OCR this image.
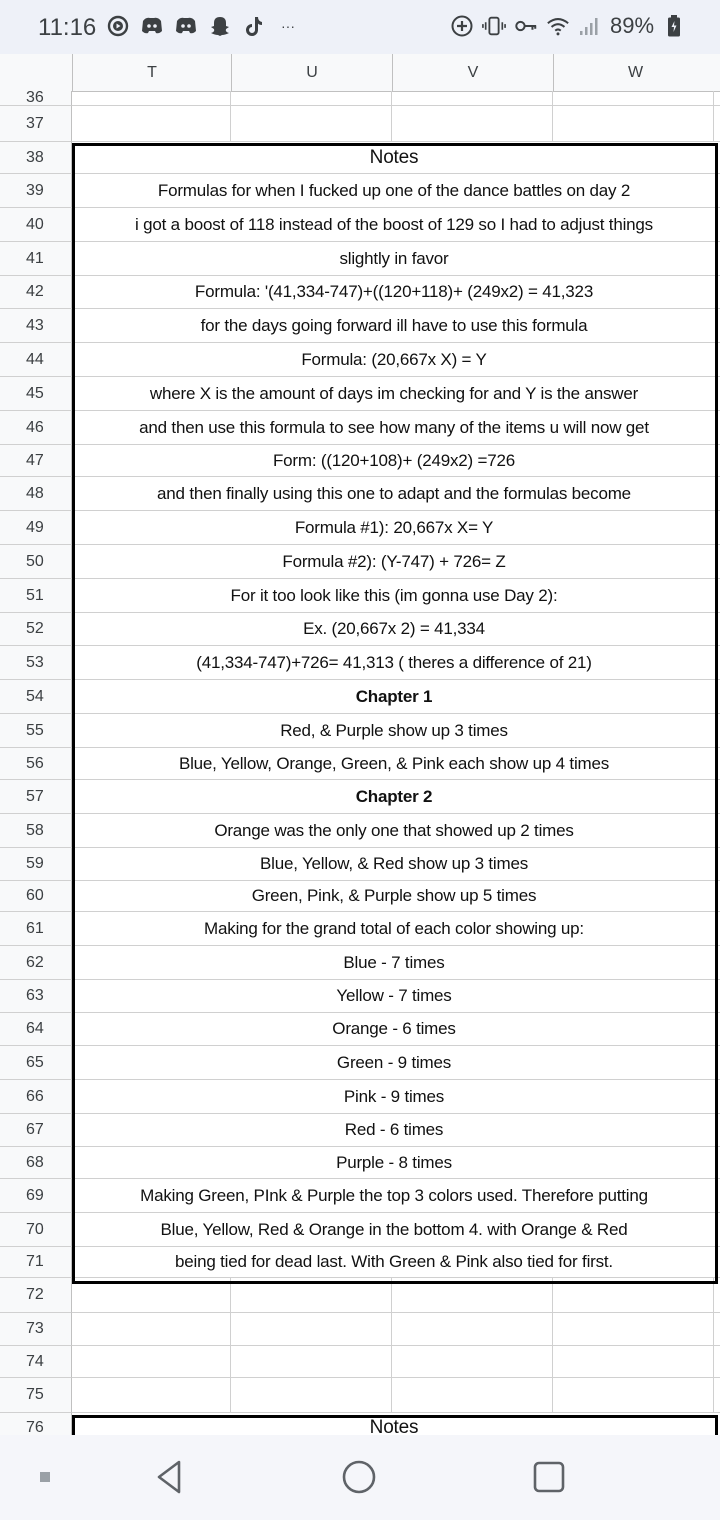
11:16	···	89%
T	U	V	W
36
37
38	Notes
39	Formulas for when I fucked up one of the dance battles on day 2
40	i got a boost of 118 instead of the boost of 129 so I had to adjust things
41	slightly in favor
42	Formula: '(41,334-747)+((120+118)+ (249x2) = 41,323
43	for the days going forward ill have to use this formula
44	Formula: (20,667x X) = Y
45	where X is the amount of days im checking for and Y is the answer
46	and then use this formula to see how many of the items u will now get
47	Form: ((120+108)+ (249x2) =726
48	and then finally using this one to adapt and the formulas become
49	Formula #1): 20,667x X= Y
50	Formula #2): (Y-747) + 726= Z
51	For it too look like this (im gonna use Day 2):
52	Ex. (20,667x 2) = 41,334
53	(41,334-747)+726= 41,313 ( theres a difference of 21)
54	Chapter 1
55	Red, & Purple show up 3 times
56	Blue, Yellow, Orange, Green, & Pink each show up 4 times
57	Chapter 2
58	Orange was the only one that showed up 2 times
59	Blue, Yellow, & Red show up 3 times
60	Green, Pink, & Purple show up 5 times
61	Making for the grand total of each color showing up:
62	Blue - 7 times
63	Yellow - 7 times
64	Orange - 6 times
65	Green - 9 times
66	Pink - 9 times
67	Red - 6 times
68	Purple - 8 times
69	Making Green, PInk & Purple the top 3 colors used. Therefore putting
70	Blue, Yellow, Red & Orange in the bottom 4. with Orange & Red
71	being tied for dead last. With Green & Pink also tied for first.
72
73
74
75
76	Notes
